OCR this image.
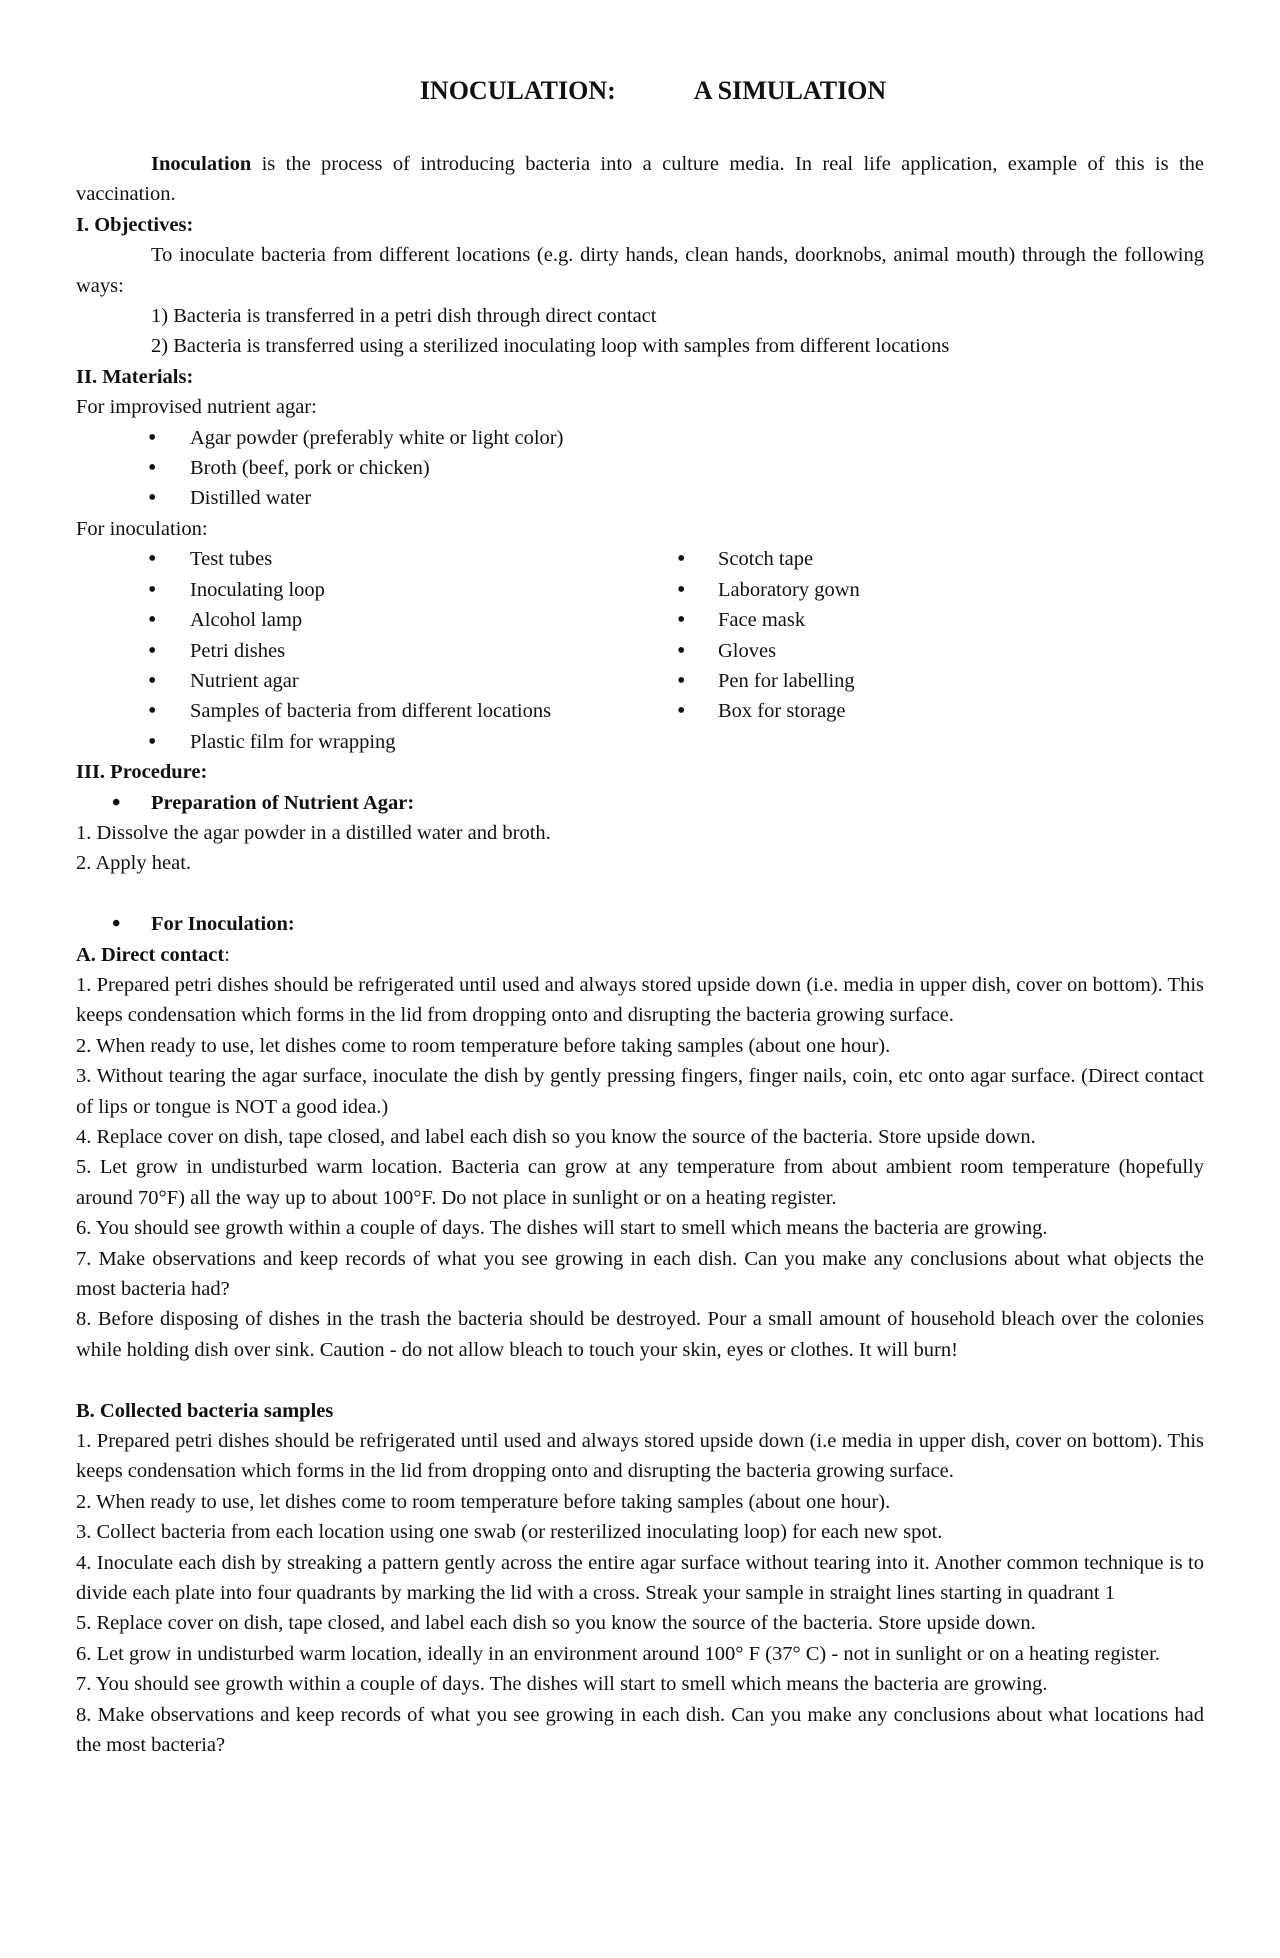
INOCULATION:	A SIMULATION

Inoculation is the process of introducing bacteria into a culture media. In real life application, example of this is the vaccination.

I. Objectives:

To inoculate bacteria from different locations (e.g. dirty hands, clean hands, doorknobs, animal mouth) through the following ways:

1) Bacteria is transferred in a petri dish through direct contact

2) Bacteria is transferred using a sterilized inoculating loop with samples from different locations

II. Materials:

For improvised nutrient agar:

• Agar powder (preferably white or light color)
• Broth (beef, pork or chicken)
• Distilled water

For inoculation:

• Test tubes
• Inoculating loop
• Alcohol lamp
• Petri dishes
• Nutrient agar
• Samples of bacteria from different locations
• Plastic film for wrapping
• Scotch tape
• Laboratory gown
• Face mask
• Gloves
• Pen for labelling
• Box for storage

III. Procedure:

• Preparation of Nutrient Agar:

1. Dissolve the agar powder in a distilled water and broth.

2. Apply heat.

• For Inoculation:

A. Direct contact:

1. Prepared petri dishes should be refrigerated until used and always stored upside down (i.e. media in upper dish, cover on bottom). This keeps condensation which forms in the lid from dropping onto and disrupting the bacteria growing surface.

2. When ready to use, let dishes come to room temperature before taking samples (about one hour).

3. Without tearing the agar surface, inoculate the dish by gently pressing fingers, finger nails, coin, etc onto agar surface. (Direct contact of lips or tongue is NOT a good idea.)

4. Replace cover on dish, tape closed, and label each dish so you know the source of the bacteria. Store upside down.

5. Let grow in undisturbed warm location. Bacteria can grow at any temperature from about ambient room temperature (hopefully around 70°F) all the way up to about 100°F. Do not place in sunlight or on a heating register.

6. You should see growth within a couple of days. The dishes will start to smell which means the bacteria are growing.

7. Make observations and keep records of what you see growing in each dish. Can you make any conclusions about what objects the most bacteria had?

8. Before disposing of dishes in the trash the bacteria should be destroyed. Pour a small amount of household bleach over the colonies while holding dish over sink. Caution - do not allow bleach to touch your skin, eyes or clothes. It will burn!

B. Collected bacteria samples

1. Prepared petri dishes should be refrigerated until used and always stored upside down (i.e media in upper dish, cover on bottom). This keeps condensation which forms in the lid from dropping onto and disrupting the bacteria growing surface.

2. When ready to use, let dishes come to room temperature before taking samples (about one hour).

3. Collect bacteria from each location using one swab (or resterilized inoculating loop) for each new spot.

4. Inoculate each dish by streaking a pattern gently across the entire agar surface without tearing into it. Another common technique is to divide each plate into four quadrants by marking the lid with a cross. Streak your sample in straight lines starting in quadrant 1

5. Replace cover on dish, tape closed, and label each dish so you know the source of the bacteria. Store upside down.

6. Let grow in undisturbed warm location, ideally in an environment around 100° F (37° C) - not in sunlight or on a heating register.

7. You should see growth within a couple of days. The dishes will start to smell which means the bacteria are growing.

8. Make observations and keep records of what you see growing in each dish. Can you make any conclusions about what locations had the most bacteria?
